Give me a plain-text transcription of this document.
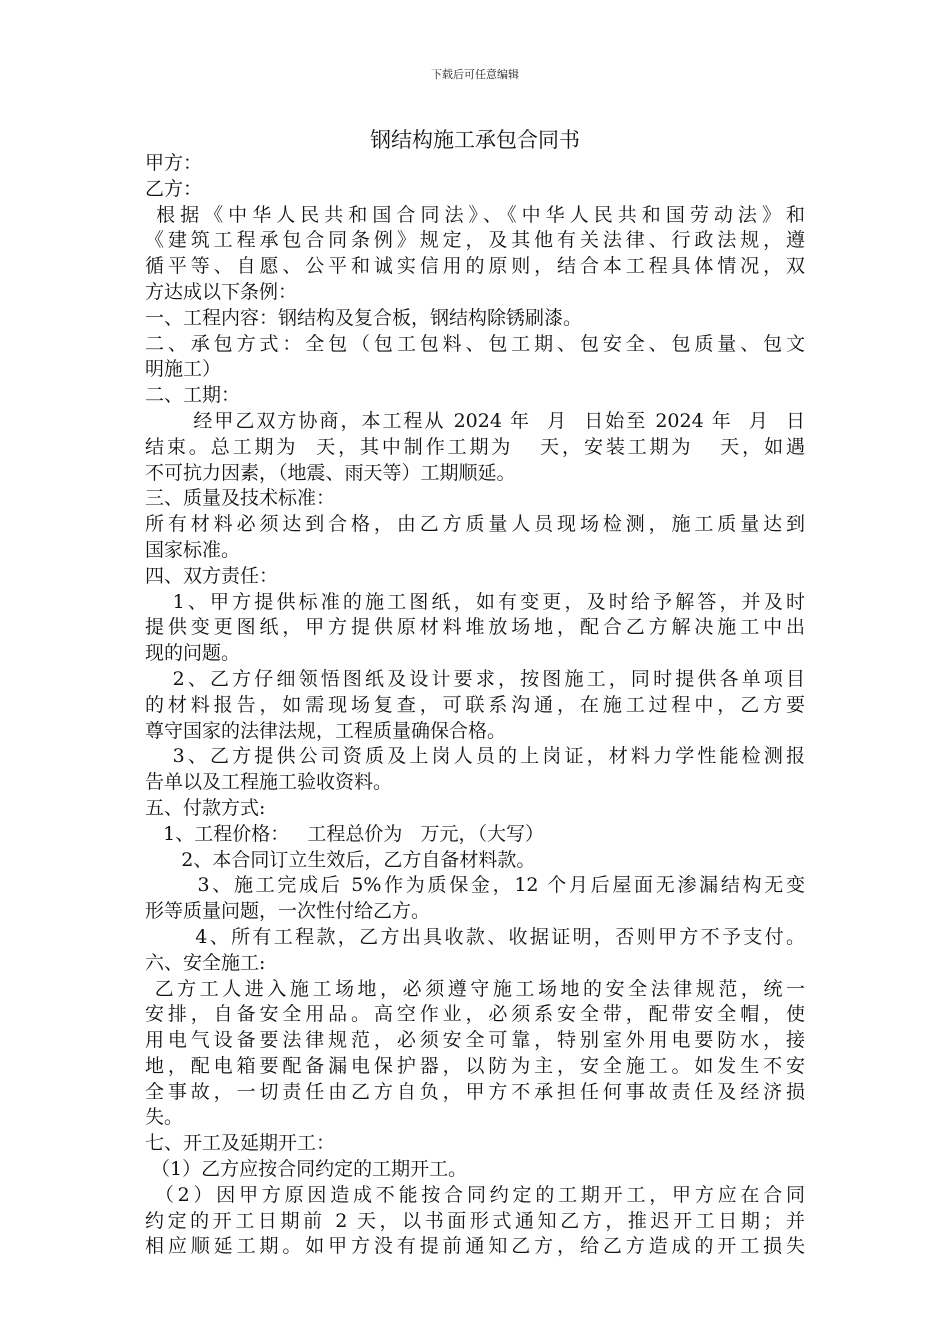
下载后可任意编辑
钢结构施工承包合同书
甲方：
乙方：
根据《中华人民共和国合同法》、《中华人民共和国劳动法》和
《建筑工程承包合同条例》规定，及其他有关法律、行政法规，遵
循平等、自愿、公平和诚实信用的原则，结合本工程具体情况，双
方达成以下条例：
一、工程内容：钢结构及复合板，钢结构除锈刷漆。
二、承包方式：全包（包工包料、包工期、包安全、包质量、包文
明施工）
二、工期：
经甲乙双方协商，本工程从 2024 年  月  日始至 2024 年  月  日
结束。总工期为  天，其中制作工期为   天，安装工期为   天，如遇
不可抗力因素，（地震、雨天等）工期顺延。
三、质量及技术标准：
所有材料必须达到合格，由乙方质量人员现场检测，施工质量达到
国家标准。
四、双方责任：
1、甲方提供标准的施工图纸，如有变更，及时给予解答，并及时
提供变更图纸，甲方提供原材料堆放场地，配合乙方解决施工中出
现的问题。
2、乙方仔细领悟图纸及设计要求，按图施工，同时提供各单项目
的材料报告，如需现场复查，可联系沟通，在施工过程中，乙方要
尊守国家的法律法规，工程质量确保合格。
3、乙方提供公司资质及上岗人员的上岗证，材料力学性能检测报
告单以及工程施工验收资料。
五、付款方式:
1、工程价格：   工程总价为   万元，（大写）
2、本合同订立生效后，乙方自备材料款。
3、施工完成后 5%作为质保金，12 个月后屋面无渗漏结构无变
形等质量问题，一次性付给乙方。
4、所有工程款，乙方出具收款、收据证明，否则甲方不予支付。
六、安全施工:
乙方工人进入施工场地，必须遵守施工场地的安全法律规范，统一
安排，自备安全用品。高空作业，必须系安全带，配带安全帽，使
用电气设备要法律规范，必须安全可靠，特别室外用电要防水，接
地，配电箱要配备漏电保护器，以防为主，安全施工。如发生不安
全事故，一切责任由乙方自负，甲方不承担任何事故责任及经济损
失。
七、开工及延期开工：
（1）乙方应按合同约定的工期开工。
（2）因甲方原因造成不能按合同约定的工期开工，甲方应在合同
约定的开工日期前 2 天，以书面形式通知乙方，推迟开工日期；并
相应顺延工期。如甲方没有提前通知乙方，给乙方造成的开工损失
